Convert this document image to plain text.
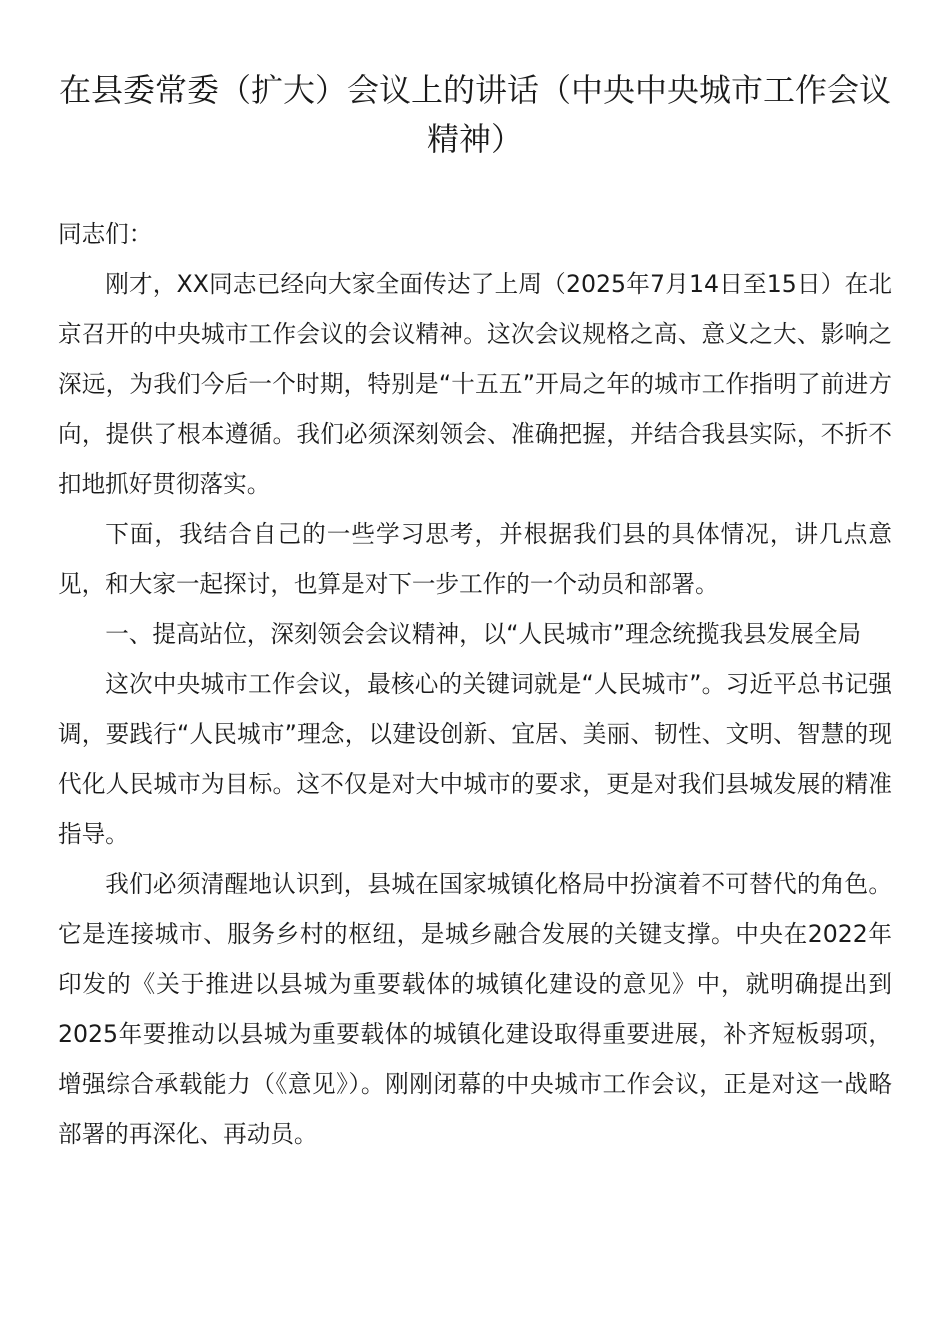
在县委常委（扩大）会议上的讲话（中央中央城市工作会议精神）

同志们：

刚才，XX同志已经向大家全面传达了上周（2025年7月14日至15日）在北京召开的中央城市工作会议的会议精神。这次会议规格之高、意义之大、影响之深远，为我们今后一个时期，特别是“十五五”开局之年的城市工作指明了前进方向，提供了根本遵循。我们必须深刻领会、准确把握，并结合我县实际，不折不扣地抓好贯彻落实。

下面，我结合自己的一些学习思考，并根据我们县的具体情况，讲几点意见，和大家一起探讨，也算是对下一步工作的一个动员和部署。

一、提高站位，深刻领会会议精神，以“人民城市”理念统揽我县发展全局

这次中央城市工作会议，最核心的关键词就是“人民城市”。习近平总书记强调，要践行“人民城市”理念，以建设创新、宜居、美丽、韧性、文明、智慧的现代化人民城市为目标。这不仅是对大中城市的要求，更是对我们县城发展的精准指导。

我们必须清醒地认识到，县城在国家城镇化格局中扮演着不可替代的角色。它是连接城市、服务乡村的枢纽，是城乡融合发展的关键支撑。中央在2022年印发的《关于推进以县城为重要载体的城镇化建设的意见》中，就明确提出到2025年要推动以县城为重要载体的城镇化建设取得重要进展，补齐短板弱项，增强综合承载能力（《意见》）。刚刚闭幕的中央城市工作会议，正是对这一战略部署的再深化、再动员。
